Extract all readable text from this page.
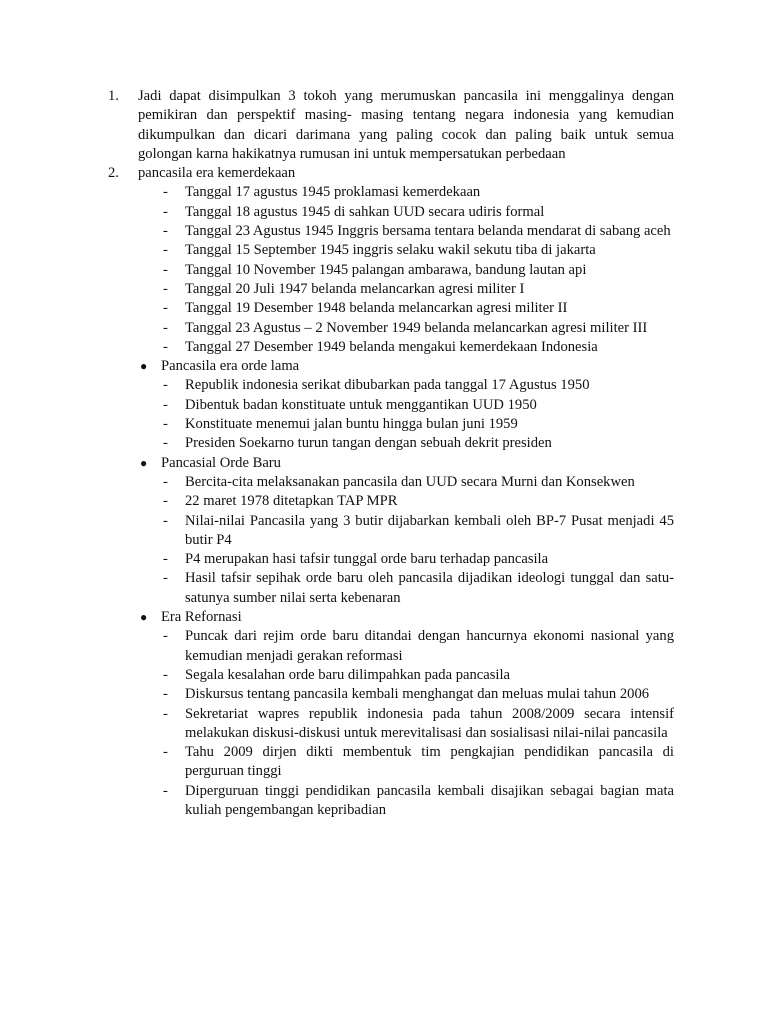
1. Jadi dapat disimpulkan 3 tokoh yang merumuskan pancasila ini menggalinya dengan pemikiran dan perspektif masing- masing tentang negara indonesia yang kemudian dikumpulkan dan dicari darimana yang paling cocok dan paling baik untuk semua golongan karna hakikatnya rumusan ini untuk mempersatukan perbedaan
2. pancasila era kemerdekaan
- Tanggal 17 agustus 1945 proklamasi kemerdekaan
- Tanggal 18 agustus 1945 di sahkan UUD secara udiris formal
- Tanggal 23 Agustus 1945 Inggris bersama tentara belanda mendarat di sabang aceh
- Tanggal 15 September 1945 inggris selaku wakil sekutu tiba di jakarta
- Tanggal 10 November 1945 palangan ambarawa, bandung lautan api
- Tanggal 20 Juli 1947 belanda melancarkan agresi militer I
- Tanggal 19 Desember 1948 belanda melancarkan agresi militer II
- Tanggal 23 Agustus – 2 November 1949 belanda melancarkan agresi militer III
- Tanggal 27 Desember 1949 belanda mengakui kemerdekaan Indonesia
● Pancasila era orde lama
- Republik indonesia serikat dibubarkan pada tanggal 17 Agustus 1950
- Dibentuk badan konstituate untuk menggantikan UUD 1950
- Konstituate menemui jalan buntu hingga bulan juni 1959
- Presiden Soekarno turun tangan dengan sebuah dekrit presiden
● Pancasial Orde Baru
- Bercita-cita melaksanakan pancasila dan UUD secara Murni dan Konsekwen
- 22 maret 1978 ditetapkan TAP MPR
- Nilai-nilai Pancasila yang 3 butir dijabarkan kembali oleh BP-7 Pusat menjadi 45 butir P4
- P4 merupakan hasi tafsir tunggal orde baru terhadap pancasila
- Hasil tafsir sepihak orde baru oleh pancasila dijadikan ideologi tunggal dan satu-satunya sumber nilai serta kebenaran
● Era Refornasi
- Puncak dari rejim orde baru ditandai dengan hancurnya ekonomi nasional yang kemudian menjadi gerakan reformasi
- Segala kesalahan orde baru dilimpahkan pada pancasila
- Diskursus tentang pancasila kembali menghangat dan meluas mulai tahun 2006
- Sekretariat wapres republik indonesia pada tahun 2008/2009 secara intensif melakukan diskusi-diskusi untuk merevitalisasi dan sosialisasi nilai-nilai pancasila
- Tahu 2009 dirjen dikti membentuk tim pengkajian pendidikan pancasila di perguruan tinggi
- Diperguruan tinggi pendidikan pancasila kembali disajikan sebagai bagian mata kuliah pengembangan kepribadian
